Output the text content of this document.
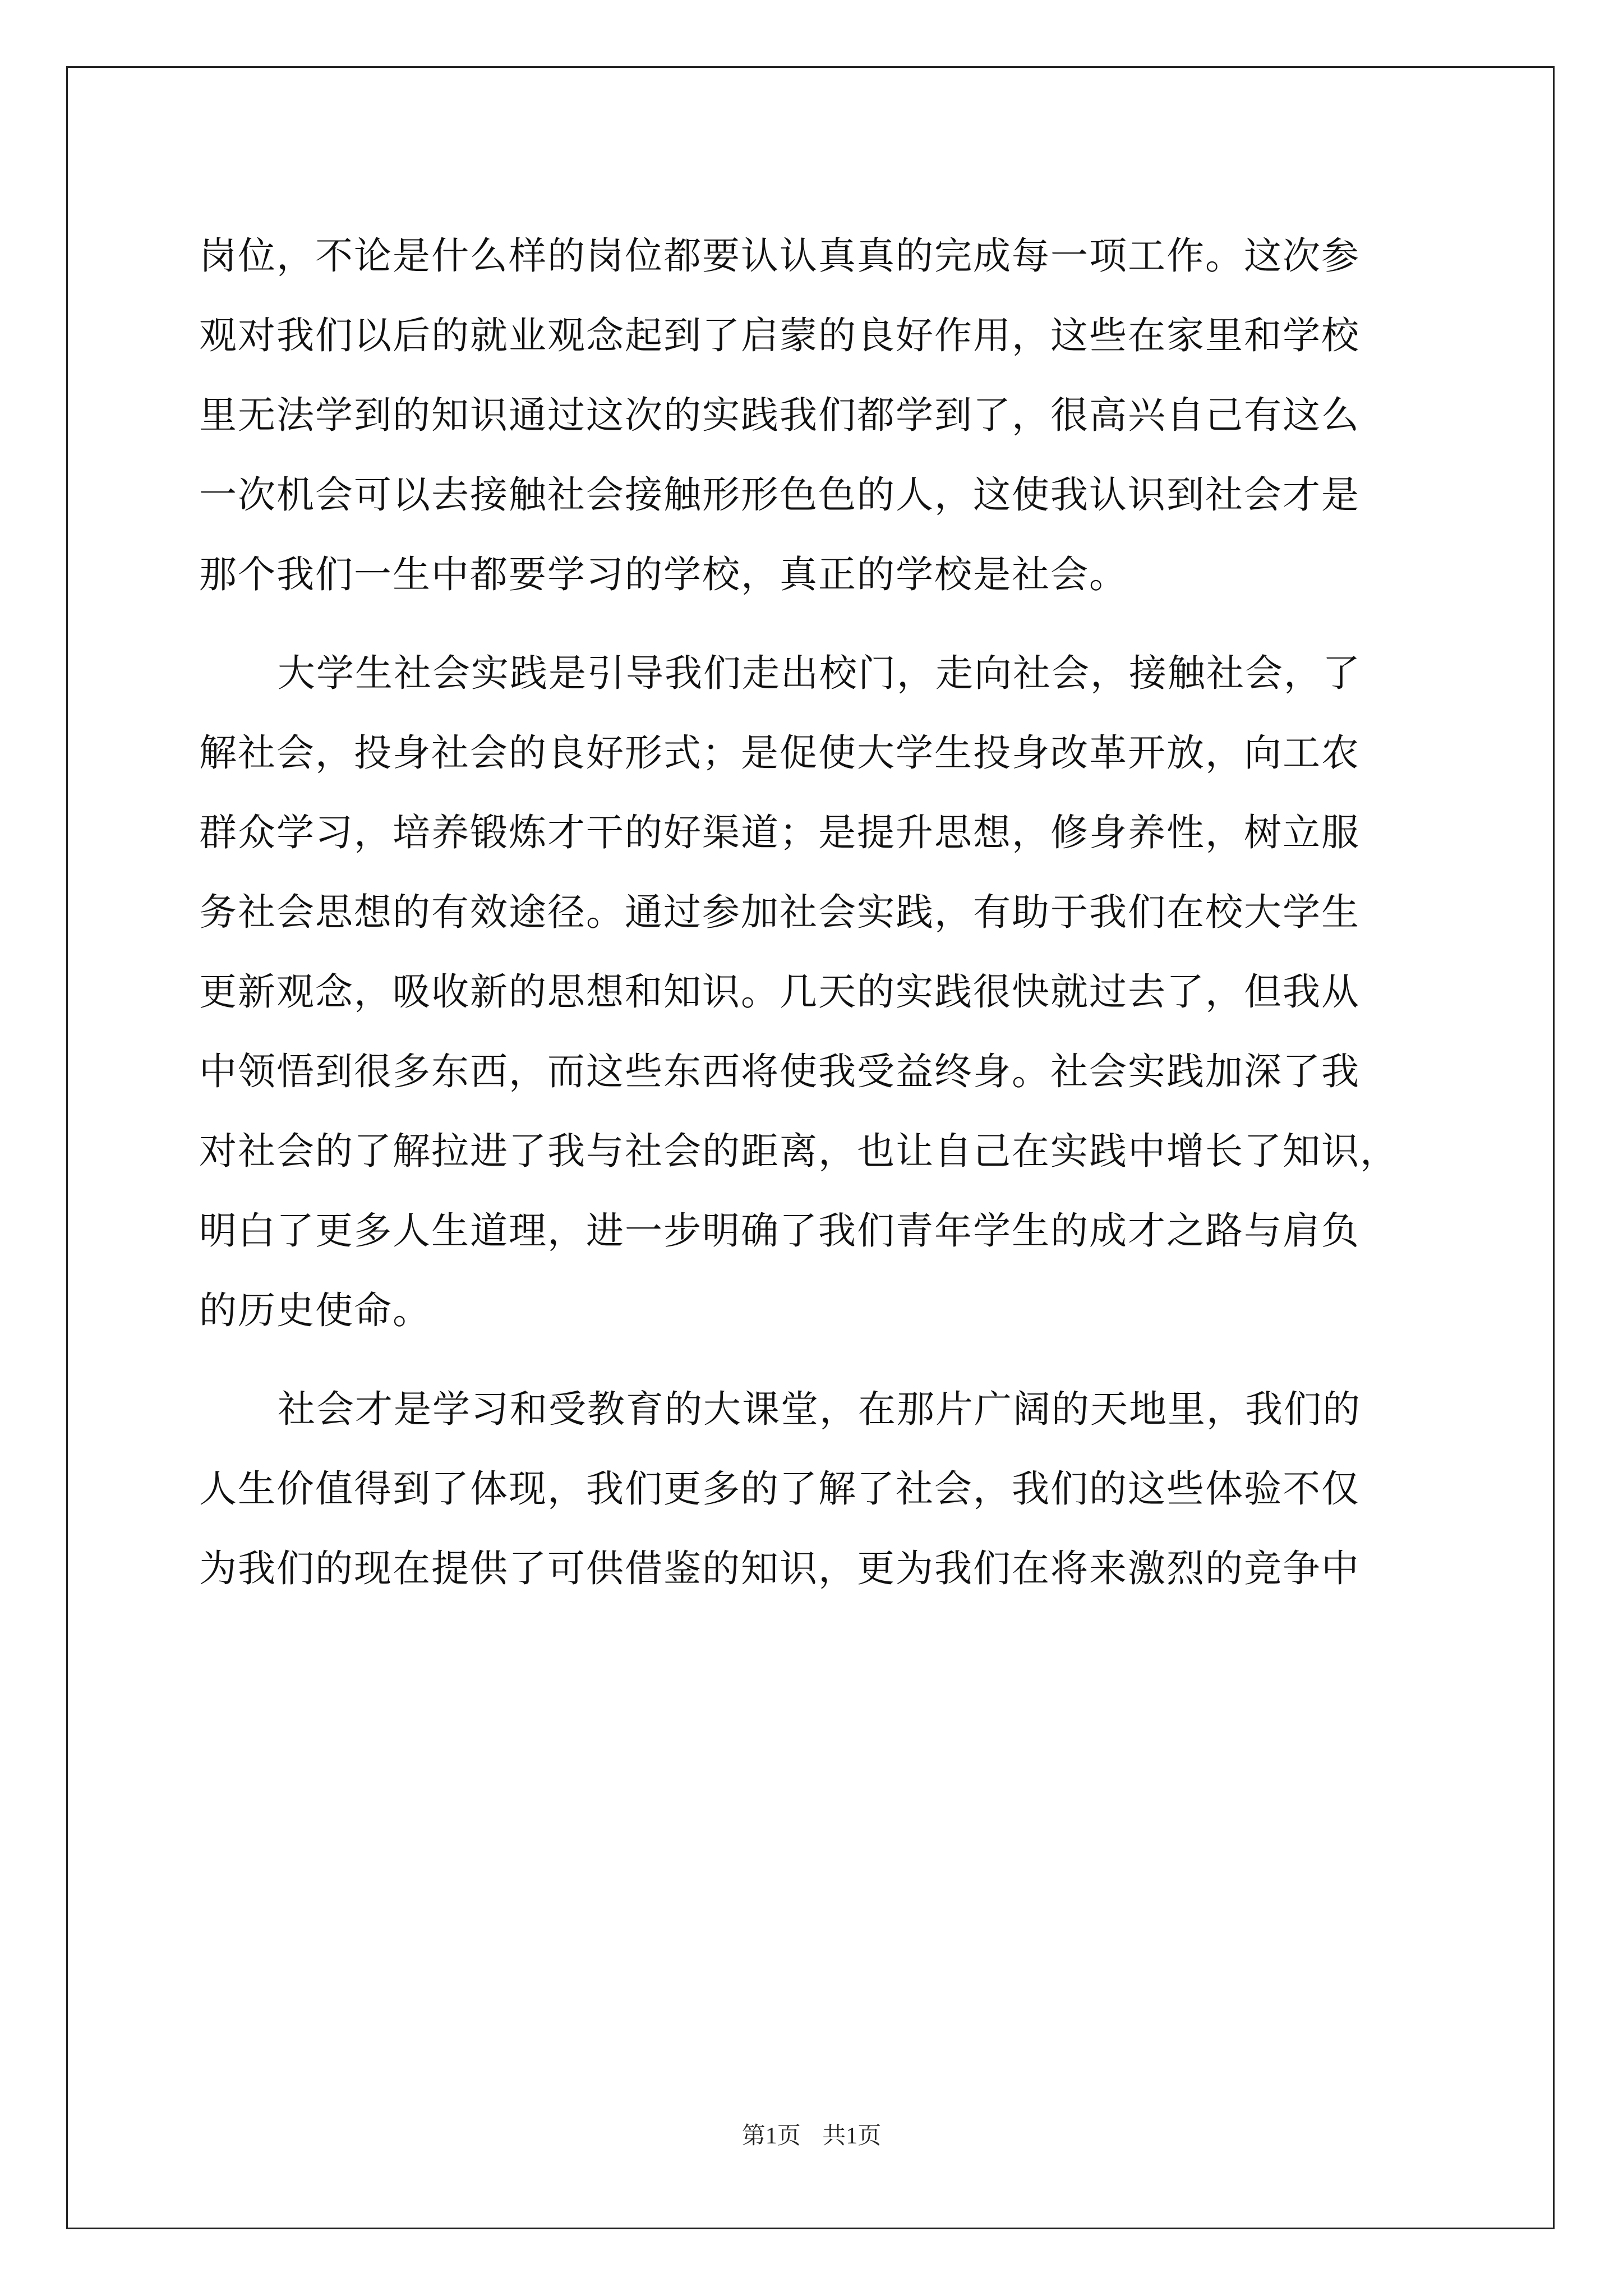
岗位，不论是什么样的岗位都要认认真真的完成每一项工作。这次参
观对我们以后的就业观念起到了启蒙的良好作用，这些在家里和学校
里无法学到的知识通过这次的实践我们都学到了，很高兴自己有这么
一次机会可以去接触社会接触形形色色的人，这使我认识到社会才是
那个我们一生中都要学习的学校，真正的学校是社会。
大学生社会实践是引导我们走出校门，走向社会，接触社会，了
解社会，投身社会的良好形式；是促使大学生投身改革开放，向工农
群众学习，培养锻炼才干的好渠道；是提升思想，修身养性，树立服
务社会思想的有效途径。通过参加社会实践，有助于我们在校大学生
更新观念，吸收新的思想和知识。几天的实践很快就过去了，但我从
中领悟到很多东西，而这些东西将使我受益终身。社会实践加深了我
对社会的了解拉进了我与社会的距离，也让自己在实践中增长了知识，
明白了更多人生道理，进一步明确了我们青年学生的成才之路与肩负
的历史使命。
社会才是学习和受教育的大课堂，在那片广阔的天地里，我们的
人生价值得到了体现，我们更多的了解了社会，我们的这些体验不仅
为我们的现在提供了可供借鉴的知识，更为我们在将来激烈的竞争中
第1页 共1页
